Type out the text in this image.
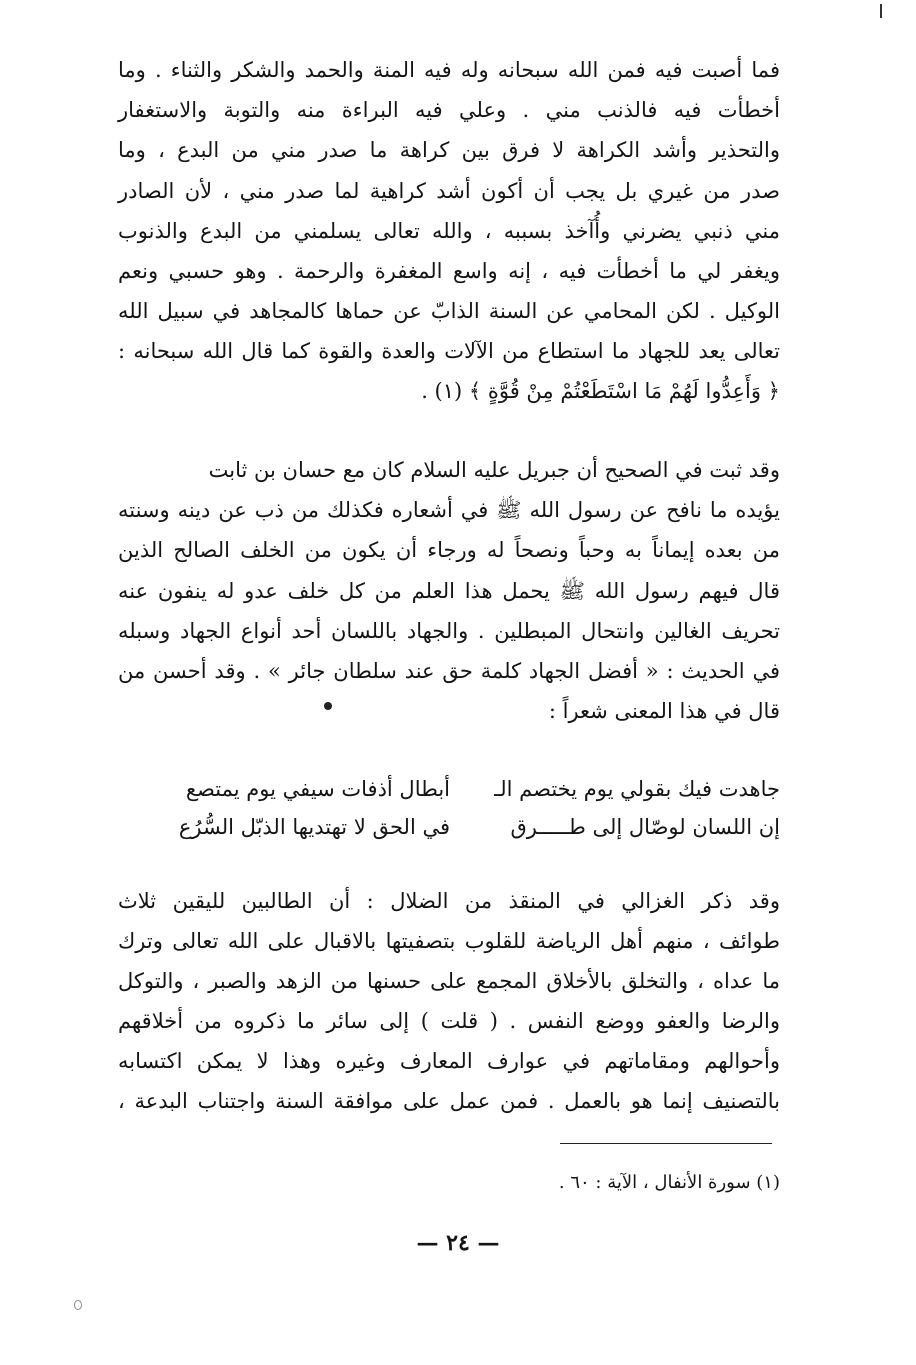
فما أصبت فيه فمن الله سبحانه وله فيه المنة والحمد والشكر والثناء . وما
أخطأت فيه فالذنب مني . وعلي فيه البراءة منه والتوبة والاستغفار
والتحذير وأشد الكراهة لا فرق بين كراهة ما صدر مني من البدع ، وما
صدر من غيري بل يجب أن أكون أشد كراهية لما صدر مني ، لأن الصادر
مني ذنبي يضرني وأُآخذ بسببه ، والله تعالى يسلمني من البدع والذنوب
ويغفر لي ما أخطأت فيه ، إنه واسع المغفرة والرحمة . وهو حسبي ونعم
الوكيل . لكن المحامي عن السنة الذابّ عن حماها كالمجاهد في سبيل الله
تعالى يعد للجهاد ما استطاع من الآلات والعدة والقوة كما قال الله سبحانه :
﴿ وَأَعِدُّوا لَهُمْ مَا اسْتَطَعْتُمْ مِنْ قُوَّةٍ ﴾ (١) .
وقد ثبت في الصحيح أن جبريل عليه السلام كان مع حسان بن ثابت
يؤيده ما نافح عن رسول الله ﷺ في أشعاره فكذلك من ذب عن دينه وسنته
من بعده إيماناً به وحباً ونصحاً له ورجاء أن يكون من الخلف الصالح الذين
قال فيهم رسول الله ﷺ يحمل هذا العلم من كل خلف عدو له ينفون عنه
تحريف الغالين وانتحال المبطلين . والجهاد باللسان أحد أنواع الجهاد وسبله
في الحديث : « أفضل الجهاد كلمة حق عند سلطان جائر » . وقد أحسن من
قال في هذا المعنى شعراً :
جاهدت فيك بقولي يوم يختصم الـ
أبطال أذفات سيفي يوم يمتصع
إن اللسان لوصّال إلى طـــــرق
في الحق لا تهتديها الذبّل السُّرُع
وقد ذكر الغزالي في المنقذ من الضلال : أن الطالبين لليقين ثلاث
طوائف ، منهم أهل الرياضة للقلوب بتصفيتها بالاقبال على الله تعالى وترك
ما عداه ، والتخلق بالأخلاق المجمع على حسنها من الزهد والصبر ، والتوكل
والرضا والعفو ووضع النفس . ( قلت ) إلى سائر ما ذكروه من أخلاقهم
وأحوالهم ومقاماتهم في عوارف المعارف وغيره وهذا لا يمكن اكتسابه
بالتصنيف إنما هو بالعمل . فمن عمل على موافقة السنة واجتناب البدعة ،
(١) سورة الأنفال ، الآية : ٦٠ .
— ٢٤ —
